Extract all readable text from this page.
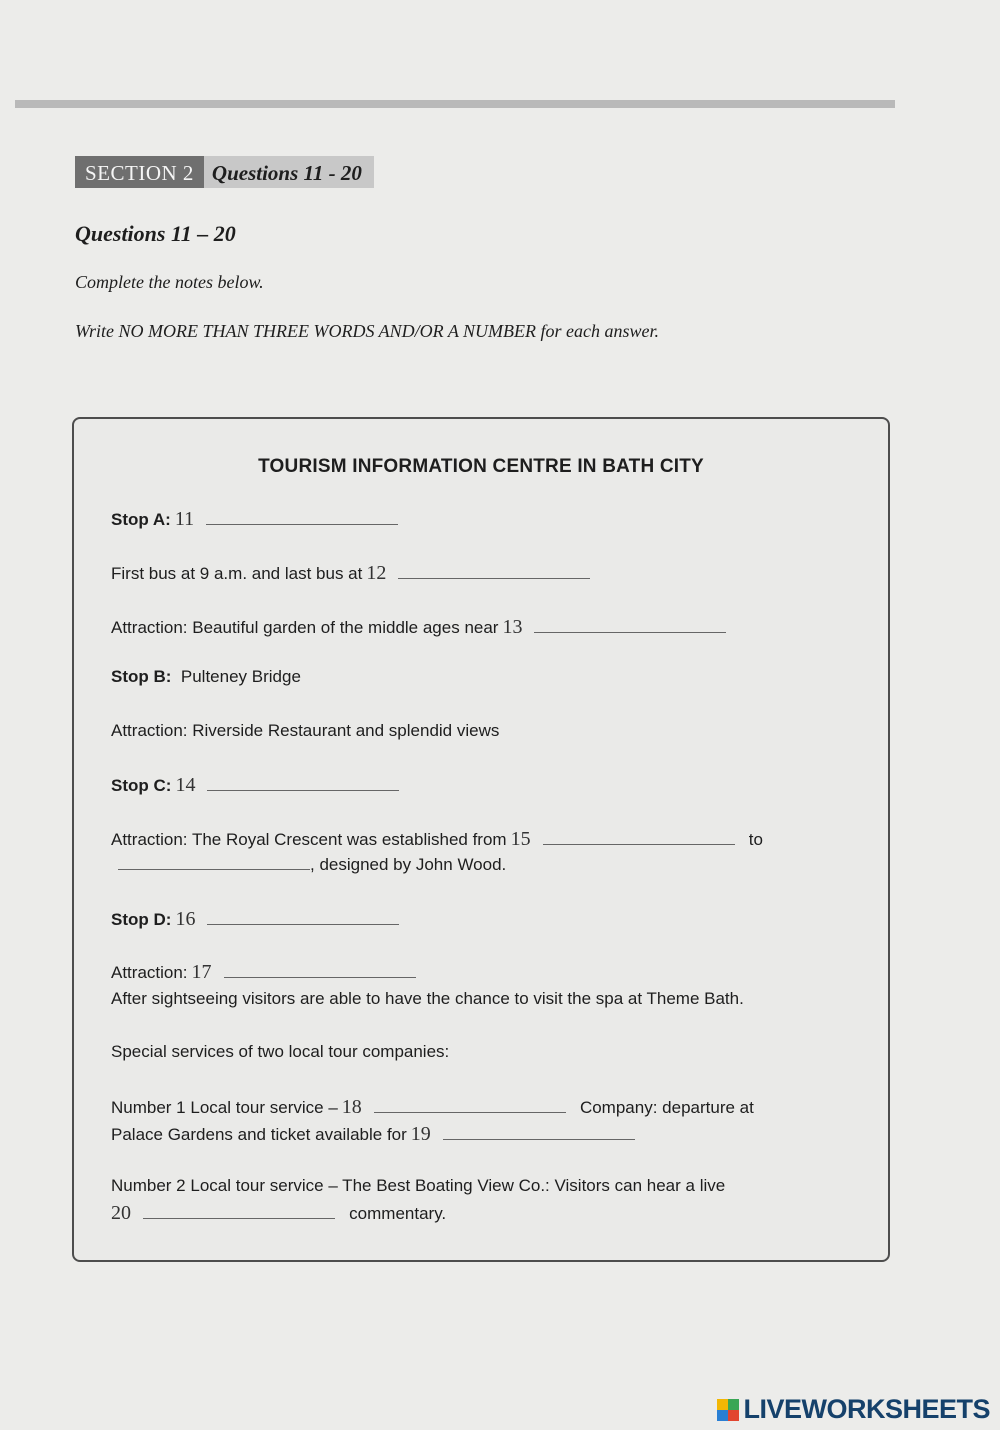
SECTION 2 Questions 11 - 20
Questions 11 – 20
Complete the notes below.
Write NO MORE THAN THREE WORDS AND/OR A NUMBER for each answer.
TOURISM INFORMATION CENTRE IN BATH CITY
Stop A: 11
First bus at 9 a.m. and last bus at 12
Attraction: Beautiful garden of the middle ages near 13
Stop B: Pulteney Bridge
Attraction: Riverside Restaurant and splendid views
Stop C: 14
Attraction: The Royal Crescent was established from 15	to
, designed by John Wood.
Stop D: 16
Attraction: 17
After sightseeing visitors are able to have the chance to visit the spa at Theme Bath.
Special services of two local tour companies:
Number 1 Local tour service – 18	Company: departure at
Palace Gardens and ticket available for 19
Number 2 Local tour service – The Best Boating View Co.: Visitors can hear a live
20	commentary.
LIVEWORKSHEETS
